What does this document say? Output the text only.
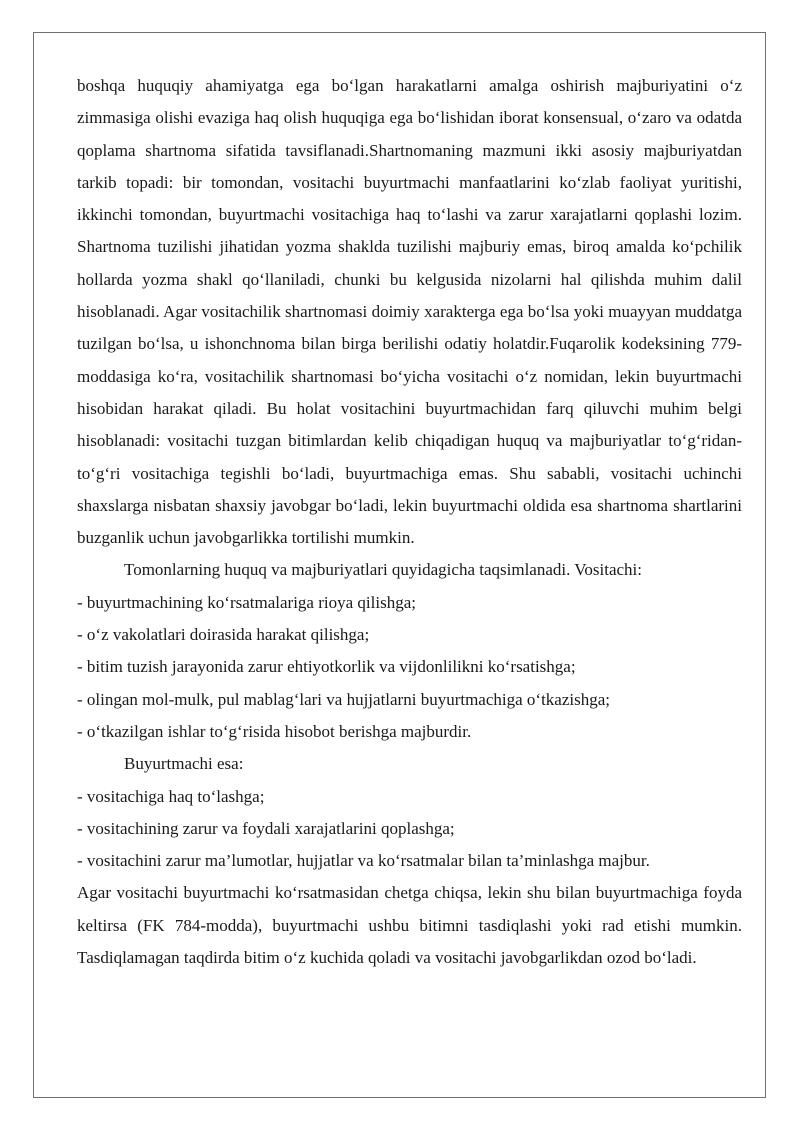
boshqa huquqiy ahamiyatga ega bo‘lgan harakatlarni amalga oshirish majburiyatini o‘z zimmasiga olishi evaziga haq olish huquqiga ega bo‘lishidan iborat konsensual, o‘zaro va odatda qoplama shartnoma sifatida tavsiflanadi.Shartnomaning mazmuni ikki asosiy majburiyatdan tarkib topadi: bir tomondan, vositachi buyurtmachi manfaatlarini ko‘zlab faoliyat yuritishi, ikkinchi tomondan, buyurtmachi vositachiga haq to‘lashi va zarur xarajatlarni qoplashi lozim. Shartnoma tuzilishi jihatidan yozma shaklda tuzilishi majburiy emas, biroq amalda ko‘pchilik hollarda yozma shakl qo‘llaniladi, chunki bu kelgusida nizolarni hal qilishda muhim dalil hisoblanadi. Agar vositachilik shartnomasi doimiy xarakterga ega bo‘lsa yoki muayyan muddatga tuzilgan bo‘lsa, u ishonchnoma bilan birga berilishi odatiy holatdir.Fuqarolik kodeksining 779-moddasiga ko‘ra, vositachilik shartnomasi bo‘yicha vositachi o‘z nomidan, lekin buyurtmachi hisobidan harakat qiladi. Bu holat vositachini buyurtmachidan farq qiluvchi muhim belgi hisoblanadi: vositachi tuzgan bitimlardan kelib chiqadigan huquq va majburiyatlar to‘g‘ridan-to‘g‘ri vositachiga tegishli bo‘ladi, buyurtmachiga emas. Shu sababli, vositachi uchinchi shaxslarga nisbatan shaxsiy javobgar bo‘ladi, lekin buyurtmachi oldida esa shartnoma shartlarini buzganlik uchun javobgarlikka tortilishi mumkin.

Tomonlarning huquq va majburiyatlari quyidagicha taqsimlanadi. Vositachi:

- buyurtmachining ko‘rsatmalariga rioya qilishga;

- o‘z vakolatlari doirasida harakat qilishga;

- bitim tuzish jarayonida zarur ehtiyotkorlik va vijdonlilikni ko‘rsatishga;

- olingan mol-mulk, pul mablag‘lari va hujjatlarni buyurtmachiga o‘tkazishga;

- o‘tkazilgan ishlar to‘g‘risida hisobot berishga majburdir.

Buyurtmachi esa:

- vositachiga haq to‘lashga;

- vositachining zarur va foydali xarajatlarini qoplashga;

- vositachini zarur ma’lumotlar, hujjatlar va ko‘rsatmalar bilan ta’minlashga majbur.

Agar vositachi buyurtmachi ko‘rsatmasidan chetga chiqsa, lekin shu bilan buyurtmachiga foyda keltirsa (FK 784-modda), buyurtmachi ushbu bitimni tasdiqlashi yoki rad etishi mumkin. Tasdiqlamagan taqdirda bitim o‘z kuchida qoladi va vositachi javobgarlikdan ozod bo‘ladi.
